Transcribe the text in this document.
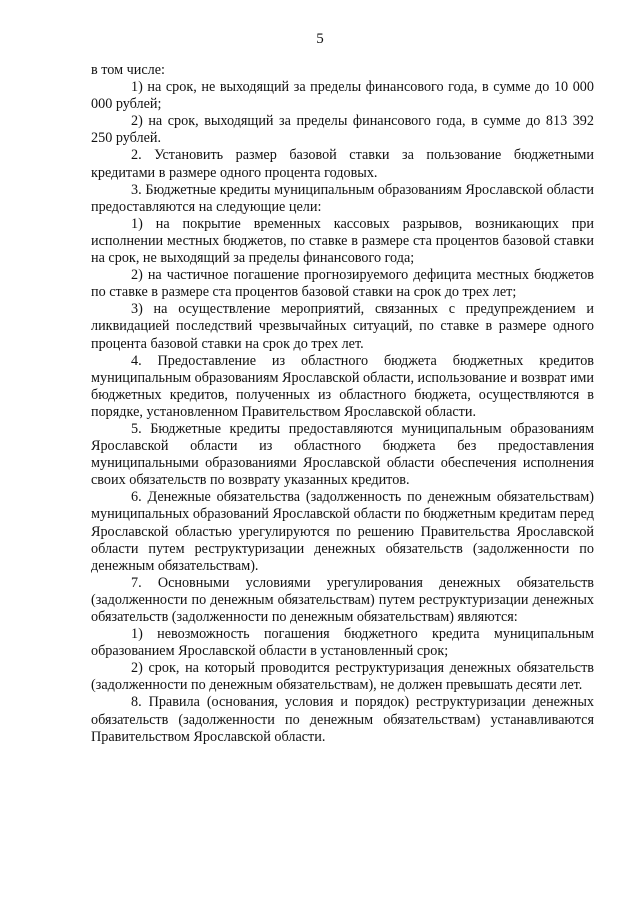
5

в том числе:

1) на срок, не выходящий за пределы финансового года, в сумме до 10 000 000 рублей;

2) на срок, выходящий за пределы финансового года, в сумме до 813 392 250 рублей.

2. Установить размер базовой ставки за пользование бюджетными кредитами в размере одного процента годовых.

3. Бюджетные кредиты муниципальным образованиям Ярославской области предоставляются на следующие цели:

1) на покрытие временных кассовых разрывов, возникающих при исполнении местных бюджетов, по ставке в размере ста процентов базовой ставки на срок, не выходящий за пределы финансового года;

2) на частичное погашение прогнозируемого дефицита местных бюджетов по ставке в размере ста процентов базовой ставки на срок до трех лет;

3) на осуществление мероприятий, связанных с предупреждением и ликвидацией последствий чрезвычайных ситуаций, по ставке в размере одного процента базовой ставки на срок до трех лет.

4. Предоставление из областного бюджета бюджетных кредитов муниципальным образованиям Ярославской области, использование и возврат ими бюджетных кредитов, полученных из областного бюджета, осуществляются в порядке, установленном Правительством Ярославской области.

5. Бюджетные кредиты предоставляются муниципальным образованиям Ярославской области из областного бюджета без предоставления муниципальными образованиями Ярославской области обеспечения исполнения своих обязательств по возврату указанных кредитов.

6. Денежные обязательства (задолженность по денежным обязательствам) муниципальных образований Ярославской области по бюджетным кредитам перед Ярославской областью урегулируются по решению Правительства Ярославской области путем реструктуризации денежных обязательств (задолженности по денежным обязательствам).

7. Основными условиями урегулирования денежных обязательств (задолженности по денежным обязательствам) путем реструктуризации денежных обязательств (задолженности по денежным обязательствам) являются:

1) невозможность погашения бюджетного кредита муниципальным образованием Ярославской области в установленный срок;

2) срок, на который проводится реструктуризация денежных обязательств (задолженности по денежным обязательствам), не должен превышать десяти лет.

8. Правила (основания, условия и порядок) реструктуризации денежных обязательств (задолженности по денежным обязательствам) устанавливаются Правительством Ярославской области.
